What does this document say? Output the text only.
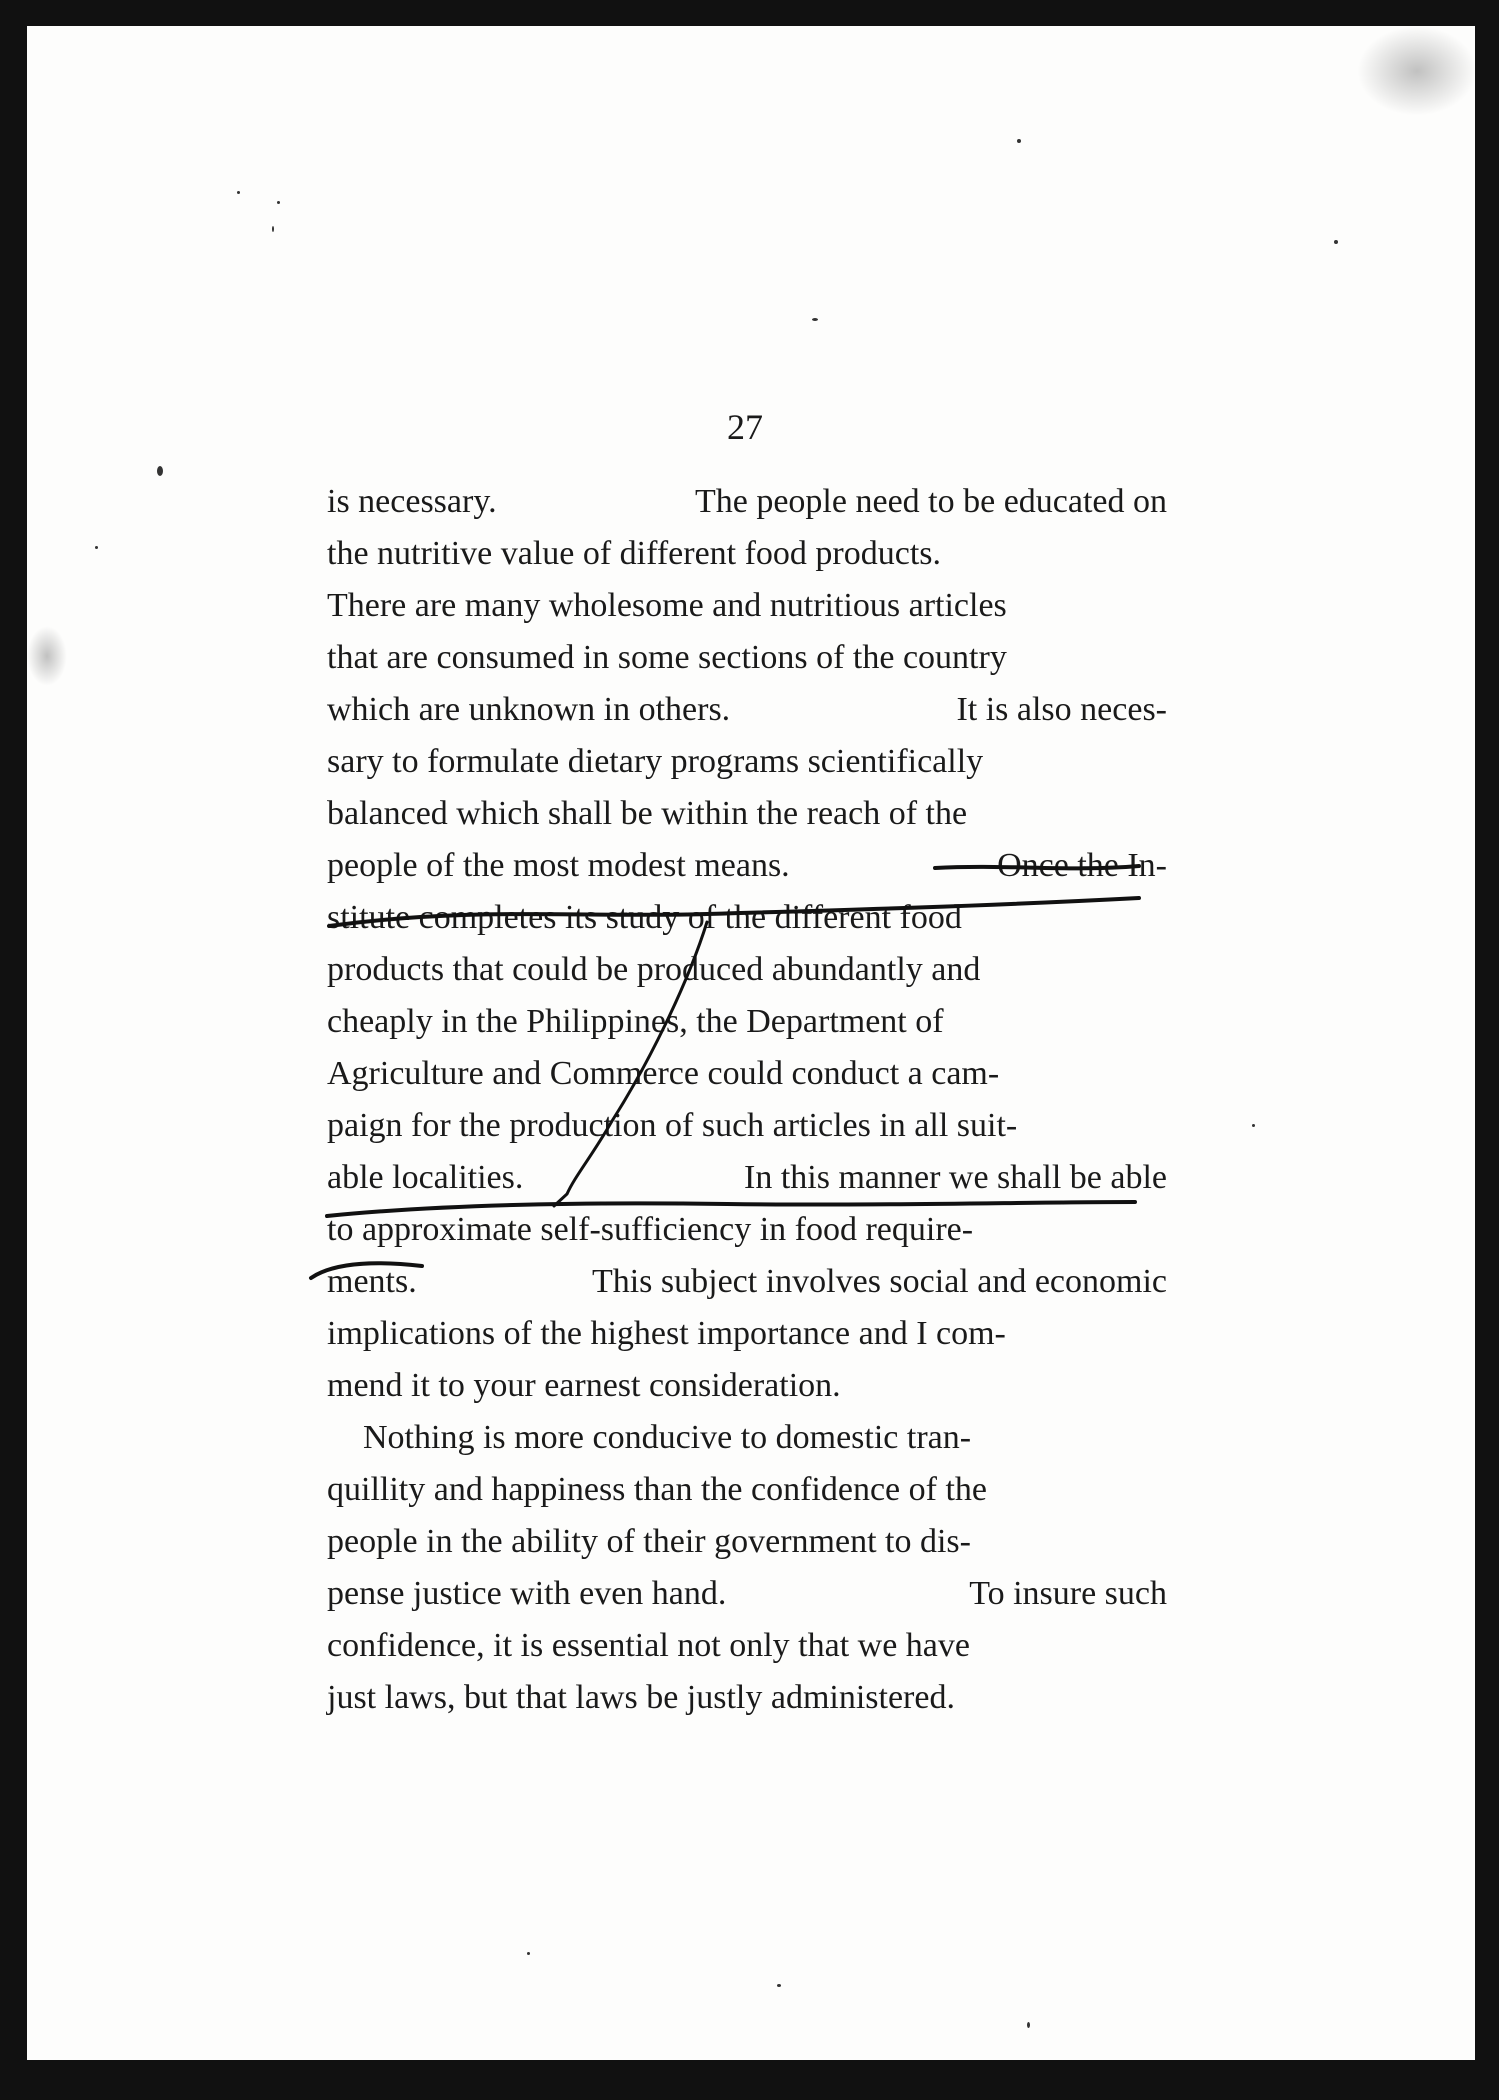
27
is necessary.	The people need to be educated on
the nutritive value of different food products.
There are many wholesome and nutritious articles
that are consumed in some sections of the country
which are unknown in others.	It is also neces-
sary to formulate dietary programs scientifically
balanced which shall be within the reach of the
people of the most modest means.	Once the In-
stitute completes its study of the different food
products that could be produced abundantly and
cheaply in the Philippines, the Department of
Agriculture and Commerce could conduct a cam-
paign for the production of such articles in all suit-
able localities.	In this manner we shall be able
to approximate self-sufficiency in food require-
ments.	This subject involves social and economic
implications of the highest importance and I com-
mend it to your earnest consideration.
Nothing is more conducive to domestic tran-
quillity and happiness than the confidence of the
people in the ability of their government to dis-
pense justice with even hand.	To insure such
confidence, it is essential not only that we have
just laws, but that laws be justly administered.
